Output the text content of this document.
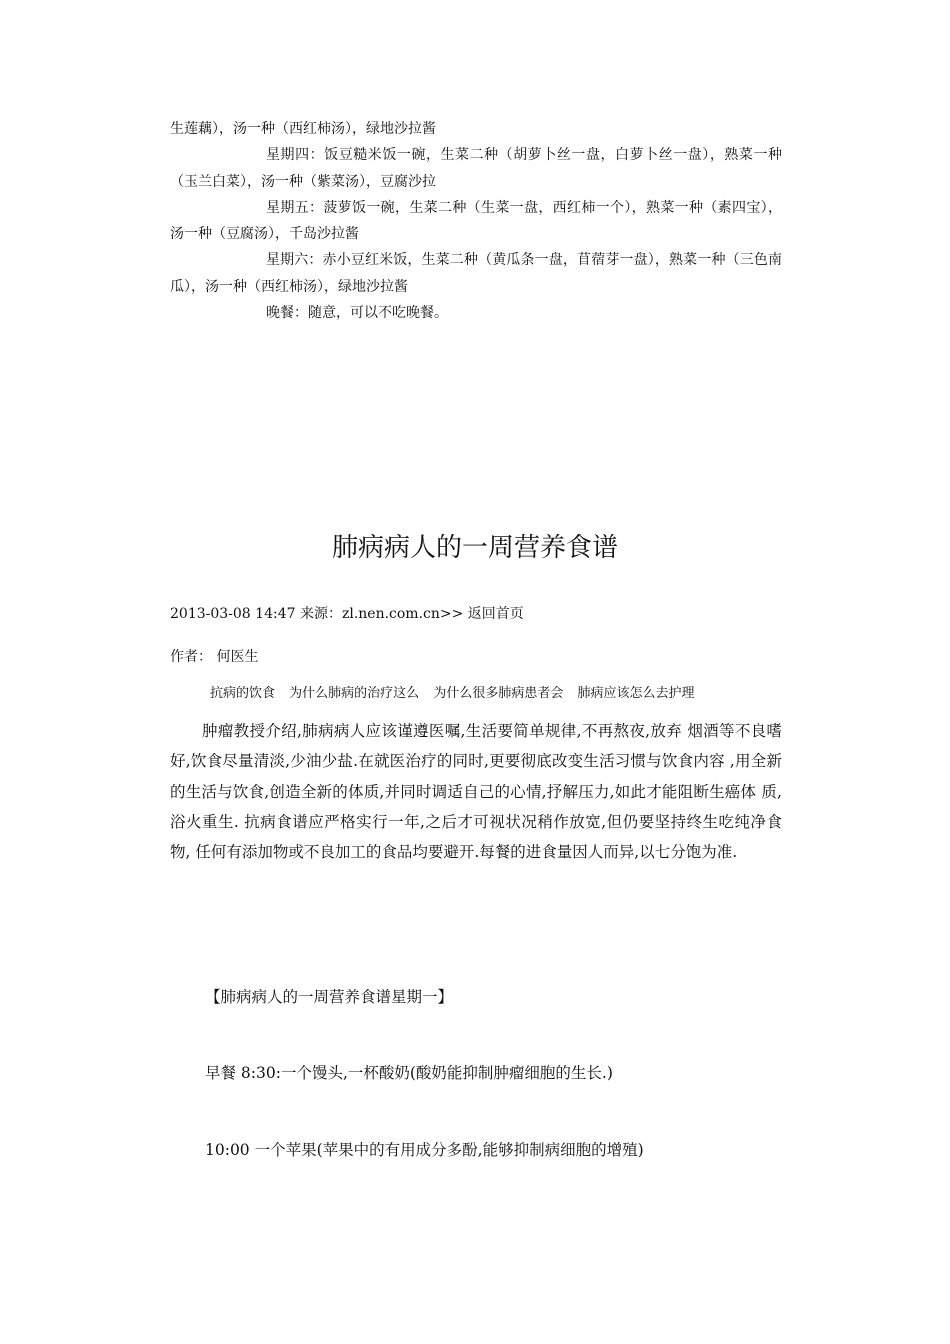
生莲藕），汤一种（西红柿汤），绿地沙拉酱

星期四：饭豆糙米饭一碗，生菜二种（胡萝卜丝一盘，白萝卜丝一盘），熟菜一种（玉兰白菜），汤一种（紫菜汤），豆腐沙拉

星期五：菠萝饭一碗，生菜二种（生菜一盘，西红柿一个），熟菜一种（素四宝），汤一种（豆腐汤），千岛沙拉酱

星期六：赤小豆红米饭，生菜二种（黄瓜条一盘，苜蓿芽一盘），熟菜一种（三色南瓜），汤一种（西红柿汤），绿地沙拉酱

晚餐：随意，可以不吃晚餐。

肺病病人的一周营养食谱
2013-03-08 14:47 来源：zl.nen.com.cn>> 返回首页
作者： 何医生
抗病的饮食 为什么肺病的治疗这么 为什么很多肺病患者会 肺病应该怎么去护理

肿瘤教授介绍,肺病病人应该谨遵医嘱,生活要简单规律,不再熬夜,放弃 烟酒等不良嗜好,饮食尽量清淡,少油少盐.在就医治疗的同时,更要彻底改变生活习惯与饮食内容 ,用全新的生活与饮食,创造全新的体质,并同时调适自己的心情,抒解压力,如此才能阻断生癌体 质,浴火重生. 抗病食谱应严格实行一年,之后才可视状况稍作放宽,但仍要坚持终生吃纯净食物, 任何有添加物或不良加工的食品均要避开.每餐的进食量因人而异,以七分饱为准.

【肺病病人的一周营养食谱星期一】

早餐 8:30:一个馒头,一杯酸奶(酸奶能抑制肿瘤细胞的生长.)

10:00 一个苹果(苹果中的有用成分多酚,能够抑制病细胞的增殖)
